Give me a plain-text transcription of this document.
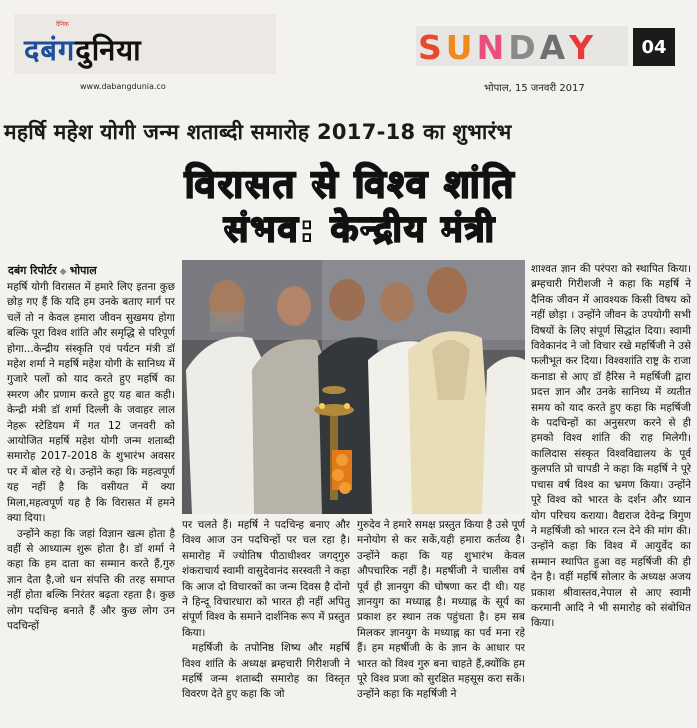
दैनिक
दबंगदुनिया
www.dabangdunia.co
SUNDAY	04
भोपाल, 15 जनवरी 2017
महर्षि महेश योगी जन्म शताब्दी समारोह 2017-18 का शुभारंभ
विरासत से विश्व शांति
संभव: केन्द्रीय मंत्री
दबंग रिपोर्टर ◆ भोपाल

महर्षि योगी विरासत में हमारे लिए इतना कुछ छोड़ गए हैं कि यदि हम उनके बताए मार्ग पर चलें तो न केवल हमारा जीवन सुखमय होगा बल्कि पूरा विश्व शांति और समृद्धि से परिपूर्ण होगा...केन्द्रीय संस्कृति एवं पर्यटन मंत्री डॉ महेश शर्मा ने महर्षि महेश योगी के सानिध्य में गुजारे पलों को याद करते हुए महर्षि का स्मरण और प्रणाम करते हुए यह बात कही। केन्द्री मंत्री डॉ शर्मा दिल्ली के जवाहर लाल नेहरू स्टेडियम में गत 12 जनवरी को आयोजित महर्षि महेश योगी जन्म शताब्दी समारोह 2017-2018 के शुभारंभ अवसर पर में बोल रहे थे। उन्होंने कहा कि महत्वपूर्ण यह नहीं है कि वसीयत में क्या मिला,महत्वपूर्ण यह है कि विरासत में हमने क्या दिया।

उन्होंने कहा कि जहां विज्ञान खत्म होता है वहीं से आध्यात्म शुरू होता है। डॉ शर्मा ने कहा कि हम दाता का सम्मान करते हैं,गुरु ज्ञान देता है,जो धन संपत्ति की तरह समाप्त नहीं होता बल्कि निरंतर बढ़ता रहता है। कुछ लोग पदचिन्ह बनाते हैं और कुछ लोग उन पदचिन्हों

पर चलते हैं। महर्षि ने पदचिन्ह बनाए और विश्व आज उन पदचिन्हों पर चल रहा है। समारोह में ज्योतिष पीठाधीश्वर जगद्‌गुरु शंकराचार्य स्वामी वासुदेवानंद सरस्वती ने कहा कि आज दो विचारकों का जन्म दिवस है दोनो ने हिन्दू विचारधारा को भारत ही नहीं अपितु संपूर्ण विश्व के समाने दार्शनिक रूप में प्रस्तुत किया।

महर्षिजी के तपोनिष्ठ शिष्य और महर्षि विश्व शांति के अध्यक्ष ब्रम्हचारी गिरीशजी ने महर्षि जन्म शताब्दी समारोह का विस्तृत विवरण देते हुए कहा कि जो

गुरुदेव ने हमारे समक्ष प्रस्तुत किया है उसे पूर्ण मनोयोग से कर सकें,यही हमारा कर्तव्य है। उन्होंने कहा कि यह शुभारंभ केवल औपचारिक नहीं है। महर्षीजी ने चालीस वर्ष पूर्व ही ज्ञानयुग की घोषणा कर दी थी। यह ज्ञानयुग का मध्याह्न है। मध्याह्न के सूर्य का प्रकाश हर स्थान तक पहुंचता है। हम सब मिलकर ज्ञानयुग के मध्याह्न का पर्व मना रहे हैं। हम महर्षीजी के के ज्ञान के आधार पर भारत को विश्व गुरु बना चाहते हैं,क्योंकि हम पूरे विश्व प्रजा को सुरक्षित महसूस करा सकें। उन्होंने कहा कि महर्षिजी ने

शाश्वत ज्ञान की परंपरा को स्थापित किया। ब्रम्हचारी गिरीशजी ने कहा कि महर्षि ने दैनिक जीवन में आवश्यक किसी विषय को नहीं छोड़ा । उन्होंने जीवन के उपयोगी सभी विषयों के लिए संपूर्ण सिद्धांत दिया। स्वामी विवेकानंद ने जो विचार रखे महर्षिजी ने उसे फलीभूत कर दिया। विश्वशांति राष्ट्र के राजा कनाडा से आए डॉ हैरिस ने महर्षिजी द्वारा प्रदत्त ज्ञान और उनके सानिध्य में व्यतीत समय को याद करते हुए कहा कि महर्षिजी के पदचिन्हों का अनुसरण करने से ही हमको विश्व शांति की राह मिलेगी। कालिदास संस्कृत विश्वविद्यालय के पूर्व कुलपति प्रो चापडी ने कहा कि महर्षि ने पूरे पचास वर्ष विश्व का भ्रमण किया। उन्होंने पूरे विश्व को भारत के दर्शन और ध्यान योग परिचय कराया। वैद्यराज देवेन्द्र त्रिगुण ने महर्षिजी को भारत रत्न देने की मांग की। उन्होंने कहा कि विश्व में आयुर्वेद का सम्मान स्थापित हुआ वह महर्षिजी की ही देन है। वहीं महर्षि सोलार के अध्यक्ष अजय प्रकाश श्रीवास्तव,नेपाल से आए स्वामी करमानी आदि ने भी समारोह को संबोधित किया।
